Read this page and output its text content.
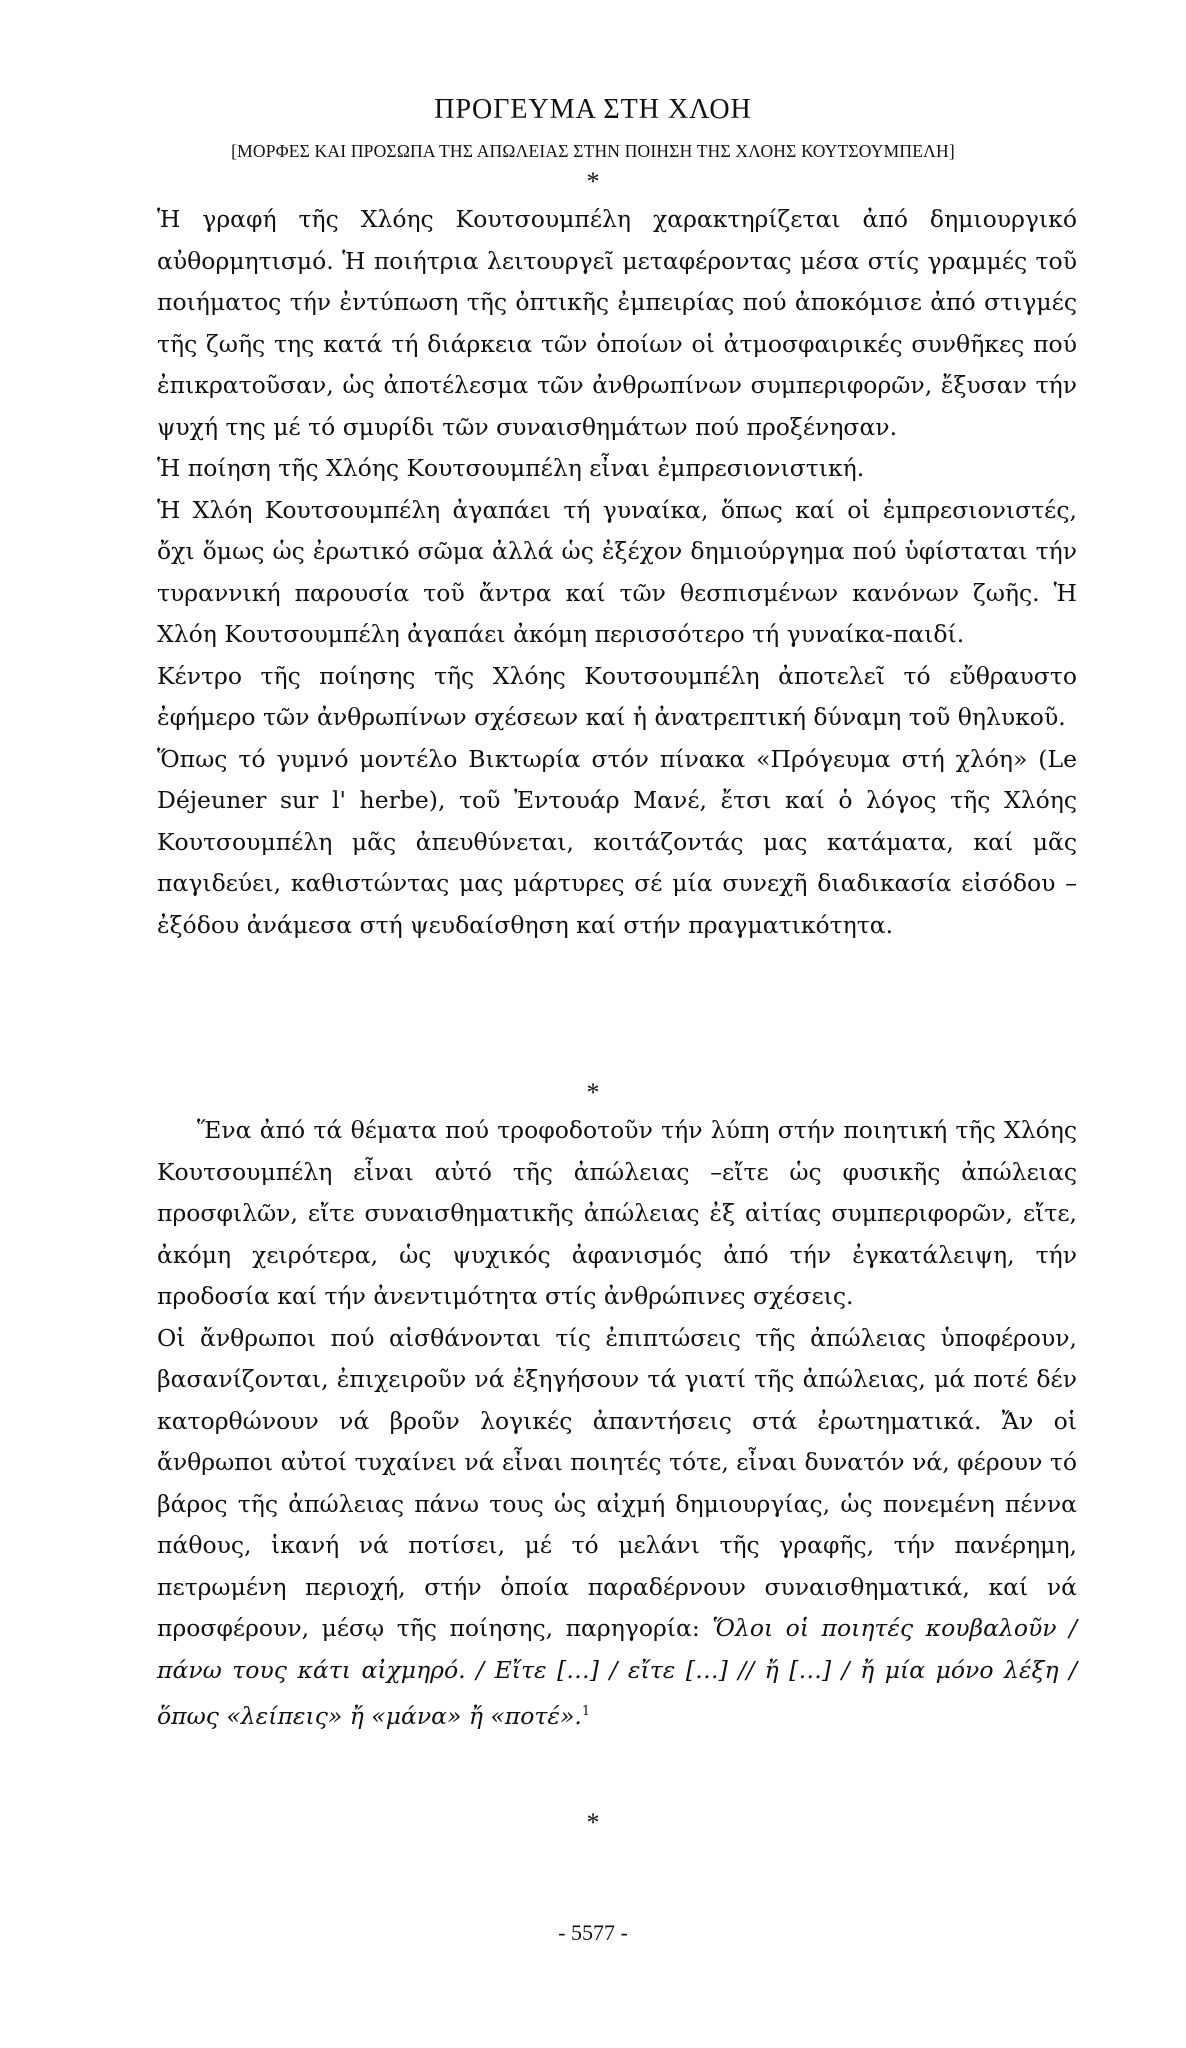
ΠΡΟΓΕΥΜΑ ΣΤΗ ΧΛΟΗ
[ΜΟΡΦΕΣ ΚΑΙ ΠΡΟΣΩΠΑ ΤΗΣ ΑΠΩΛΕΙΑΣ ΣΤΗΝ ΠΟΙΗΣΗ ΤΗΣ ΧΛΟΗΣ ΚΟΥΤΣΟΥΜΠΕΛΗ]
*

Ἡ γραφή τῆς Χλόης Κουτσουμπέλη χαρακτηρίζεται ἀπό δημιουργικό αὐθορμητισμό. Ἡ ποιήτρια λειτουργεῖ μεταφέροντας μέσα στίς γραμμές τοῦ ποιήματος τήν ἐντύπωση τῆς ὀπτικῆς ἐμπειρίας πού ἀποκόμισε ἀπό στιγμές τῆς ζωῆς της κατά τή διάρκεια τῶν ὁποίων οἱ ἀτμοσφαιρικές συνθῆκες πού ἐπικρατοῦσαν, ὡς ἀποτέλεσμα τῶν ἀνθρωπίνων συμπεριφορῶν, ἔξυσαν τήν ψυχή της μέ τό σμυρίδι τῶν συναισθημάτων πού προξένησαν.

Ἡ ποίηση τῆς Χλόης Κουτσουμπέλη εἶναι ἐμπρεσιονιστική.

Ἡ Χλόη Κουτσουμπέλη ἀγαπάει τή γυναίκα, ὅπως καί οἱ ἐμπρεσιονιστές, ὄχι ὅμως ὡς ἐρωτικό σῶμα ἀλλά ὡς ἐξέχον δημιούργημα πού ὑφίσταται τήν τυραννική παρουσία τοῦ ἄντρα καί τῶν θεσπισμένων κανόνων ζωῆς. Ἡ Χλόη Κουτσουμπέλη ἀγαπάει ἀκόμη περισσότερο τή γυναίκα-παιδί.

Κέντρο τῆς ποίησης τῆς Χλόης Κουτσουμπέλη ἀποτελεῖ τό εὔθραυστο ἐφήμερο τῶν ἀνθρωπίνων σχέσεων καί ἡ ἀνατρεπτική δύναμη τοῦ θηλυκοῦ.

Ὅπως τό γυμνό μοντέλο Βικτωρία στόν πίνακα «Πρόγευμα στή χλόη» (Le Déjeuner sur l' herbe), τοῦ Ἐντουάρ Μανέ, ἔτσι καί ὁ λόγος τῆς Χλόης Κουτσουμπέλη μᾶς ἀπευθύνεται, κοιτάζοντάς μας κατάματα, καί μᾶς παγιδεύει, καθιστώντας μας μάρτυρες σέ μία συνεχῆ διαδικασία εἰσόδου – ἐξόδου ἀνάμεσα στή ψευδαίσθηση καί στήν πραγματικότητα.

*

Ἕνα ἀπό τά θέματα πού τροφοδοτοῦν τήν λύπη στήν ποιητική τῆς Χλόης Κουτσουμπέλη εἶναι αὐτό τῆς ἀπώλειας –εἴτε ὡς φυσικῆς ἀπώλειας προσφιλῶν, εἴτε συναισθηματικῆς ἀπώλειας ἐξ αἰτίας συμπεριφορῶν, εἴτε, ἀκόμη χειρότερα, ὡς ψυχικός ἀφανισμός ἀπό τήν ἐγκατάλειψη, τήν προδοσία καί τήν ἀνεντιμότητα στίς ἀνθρώπινες σχέσεις.

Οἱ ἄνθρωποι πού αἰσθάνονται τίς ἐπιπτώσεις τῆς ἀπώλειας ὑποφέρουν, βασανίζονται, ἐπιχειροῦν νά ἐξηγήσουν τά γιατί τῆς ἀπώλειας, μά ποτέ δέν κατορθώνουν νά βροῦν λογικές ἀπαντήσεις στά ἐρωτηματικά. Ἄν οἱ ἄνθρωποι αὐτοί τυχαίνει νά εἶναι ποιητές τότε, εἶναι δυνατόν νά, φέρουν τό βάρος τῆς ἀπώλειας πάνω τους ὡς αἰχμή δημιουργίας, ὡς πονεμένη πέννα πάθους, ἱκανή νά ποτίσει, μέ τό μελάνι τῆς γραφῆς, τήν πανέρημη, πετρωμένη περιοχή, στήν ὁποία παραδέρνουν συναισθηματικά, καί νά προσφέρουν, μέσῳ τῆς ποίησης, παρηγορία: Ὅλοι οἱ ποιητές κουβαλοῦν / πάνω τους κάτι αἰχμηρό. / Εἴτε […] / εἴτε […] // ἤ […] / ἤ μία μόνο λέξη / ὅπως «λείπεις» ἤ «μάνα» ἤ «ποτέ».$^1$

*
- 5577 -
